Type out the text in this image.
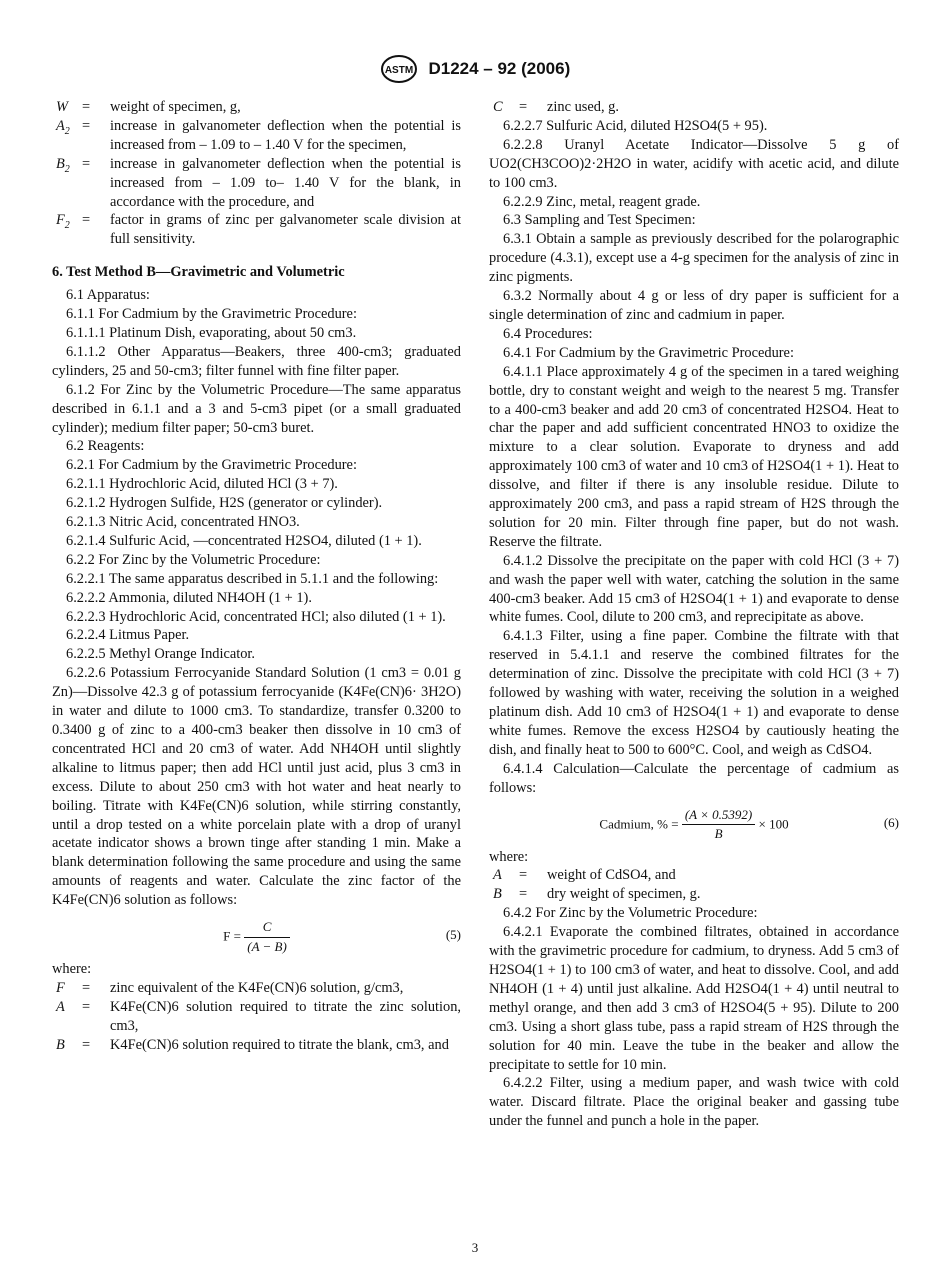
ASTM D1224 – 92 (2006)
W =	weight of specimen, g,
$A_2$ =	increase in galvanometer deflection when the potential is increased from – 1.09 to – 1.40 V for the specimen,
$B_2$ =	increase in galvanometer deflection when the potential is increased from – 1.09 to– 1.40 V for the blank, in accordance with the procedure, and
$F_2$ =	factor in grams of zinc per galvanometer scale division at full sensitivity.

6. Test Method B—Gravimetric and Volumetric

6.1 Apparatus:

6.1.1 For Cadmium by the Gravimetric Procedure:

6.1.1.1 Platinum Dish, evaporating, about 50 cm3.

6.1.1.2 Other Apparatus—Beakers, three 400-cm3; graduated cylinders, 25 and 50-cm3; filter funnel with fine filter paper.

6.1.2 For Zinc by the Volumetric Procedure—The same apparatus described in 6.1.1 and a 3 and 5-cm3 pipet (or a small graduated cylinder); medium filter paper; 50-cm3 buret.

6.2 Reagents:

6.2.1 For Cadmium by the Gravimetric Procedure:

6.2.1.1 Hydrochloric Acid, diluted HCl (3 + 7).

6.2.1.2 Hydrogen Sulfide, H2S (generator or cylinder).

6.2.1.3 Nitric Acid, concentrated HNO3.

6.2.1.4 Sulfuric Acid, —concentrated H2SO4, diluted (1 + 1).

6.2.2 For Zinc by the Volumetric Procedure:

6.2.2.1 The same apparatus described in 5.1.1 and the following:

6.2.2.2 Ammonia, diluted NH4OH (1 + 1).

6.2.2.3 Hydrochloric Acid, concentrated HCl; also diluted (1 + 1).

6.2.2.4 Litmus Paper.

6.2.2.5 Methyl Orange Indicator.

6.2.2.6 Potassium Ferrocyanide Standard Solution (1 cm3 = 0.01 g Zn)—Dissolve 42.3 g of potassium ferrocyanide (K4Fe(CN)6· 3H2O) in water and dilute to 1000 cm3. To standardize, transfer 0.3200 to 0.3400 g of zinc to a 400-cm3 beaker then dissolve in 10 cm3 of concentrated HCl and 20 cm3 of water. Add NH4OH until slightly alkaline to litmus paper; then add HCl until just acid, plus 3 cm3 in excess. Dilute to about 250 cm3 with hot water and heat nearly to boiling. Titrate with K4Fe(CN)6 solution, while stirring constantly, until a drop tested on a white porcelain plate with a drop of uranyl acetate indicator shows a brown tinge after standing 1 min. Make a blank determination following the same procedure and using the same amounts of reagents and water. Calculate the zinc factor of the K4Fe(CN)6 solution as follows:

$F = \frac{C}{(A - B)}$	(5)

where:

F	=	zinc equivalent of the K4Fe(CN)6 solution, g/cm3,
A	=	K4Fe(CN)6 solution required to titrate the zinc solution, cm3,
B	=	K4Fe(CN)6 solution required to titrate the blank, cm3, and
C	=	zinc used, g.

6.2.2.7 Sulfuric Acid, diluted H2SO4(5 + 95).

6.2.2.8 Uranyl Acetate Indicator—Dissolve 5 g of UO2(CH3COO)2·2H2O in water, acidify with acetic acid, and dilute to 100 cm3.

6.2.2.9 Zinc, metal, reagent grade.

6.3 Sampling and Test Specimen:

6.3.1 Obtain a sample as previously described for the polarographic procedure (4.3.1), except use a 4-g specimen for the analysis of zinc in zinc pigments.

6.3.2 Normally about 4 g or less of dry paper is sufficient for a single determination of zinc and cadmium in paper.

6.4 Procedures:

6.4.1 For Cadmium by the Gravimetric Procedure:

6.4.1.1 Place approximately 4 g of the specimen in a tared weighing bottle, dry to constant weight and weigh to the nearest 5 mg. Transfer to a 400-cm3 beaker and add 20 cm3 of concentrated H2SO4. Heat to char the paper and add sufficient concentrated HNO3 to oxidize the mixture to a clear solution. Evaporate to dryness and add approximately 100 cm3 of water and 10 cm3 of H2SO4(1 + 1). Heat to dissolve, and filter if there is any insoluble residue. Dilute to approximately 200 cm3, and pass a rapid stream of H2S through the solution for 20 min. Filter through fine paper, but do not wash. Reserve the filtrate.

6.4.1.2 Dissolve the precipitate on the paper with cold HCl (3 + 7) and wash the paper well with water, catching the solution in the same 400-cm3 beaker. Add 15 cm3 of H2SO4(1 + 1) and evaporate to dense white fumes. Cool, dilute to 200 cm3, and reprecipitate as above.

6.4.1.3 Filter, using a fine paper. Combine the filtrate with that reserved in 5.4.1.1 and reserve the combined filtrates for the determination of zinc. Dissolve the precipitate with cold HCl (3 + 7) followed by washing with water, receiving the solution in a weighed platinum dish. Add 10 cm3 of H2SO4(1 + 1) and evaporate to dense white fumes. Remove the excess H2SO4 by cautiously heating the dish, and finally heat to 500 to 600°C. Cool, and weigh as CdSO4.

6.4.1.4 Calculation—Calculate the percentage of cadmium as follows:

Cadmium, % = $\frac{(A \times 0.5392)}{B} \times 100$	(6)

where:

A	=	weight of CdSO4, and
B	=	dry weight of specimen, g.

6.4.2 For Zinc by the Volumetric Procedure:

6.4.2.1 Evaporate the combined filtrates, obtained in accordance with the gravimetric procedure for cadmium, to dryness. Add 5 cm3 of H2SO4(1 + 1) to 100 cm3 of water, and heat to dissolve. Cool, and add NH4OH (1 + 4) until just alkaline. Add H2SO4(1 + 4) until neutral to methyl orange, and then add 3 cm3 of H2SO4(5 + 95). Dilute to 200 cm3. Using a short glass tube, pass a rapid stream of H2S through the solution for 40 min. Leave the tube in the beaker and allow the precipitate to settle for 10 min.

6.4.2.2 Filter, using a medium paper, and wash twice with cold water. Discard filtrate. Place the original beaker and gassing tube under the funnel and punch a hole in the paper.

3
